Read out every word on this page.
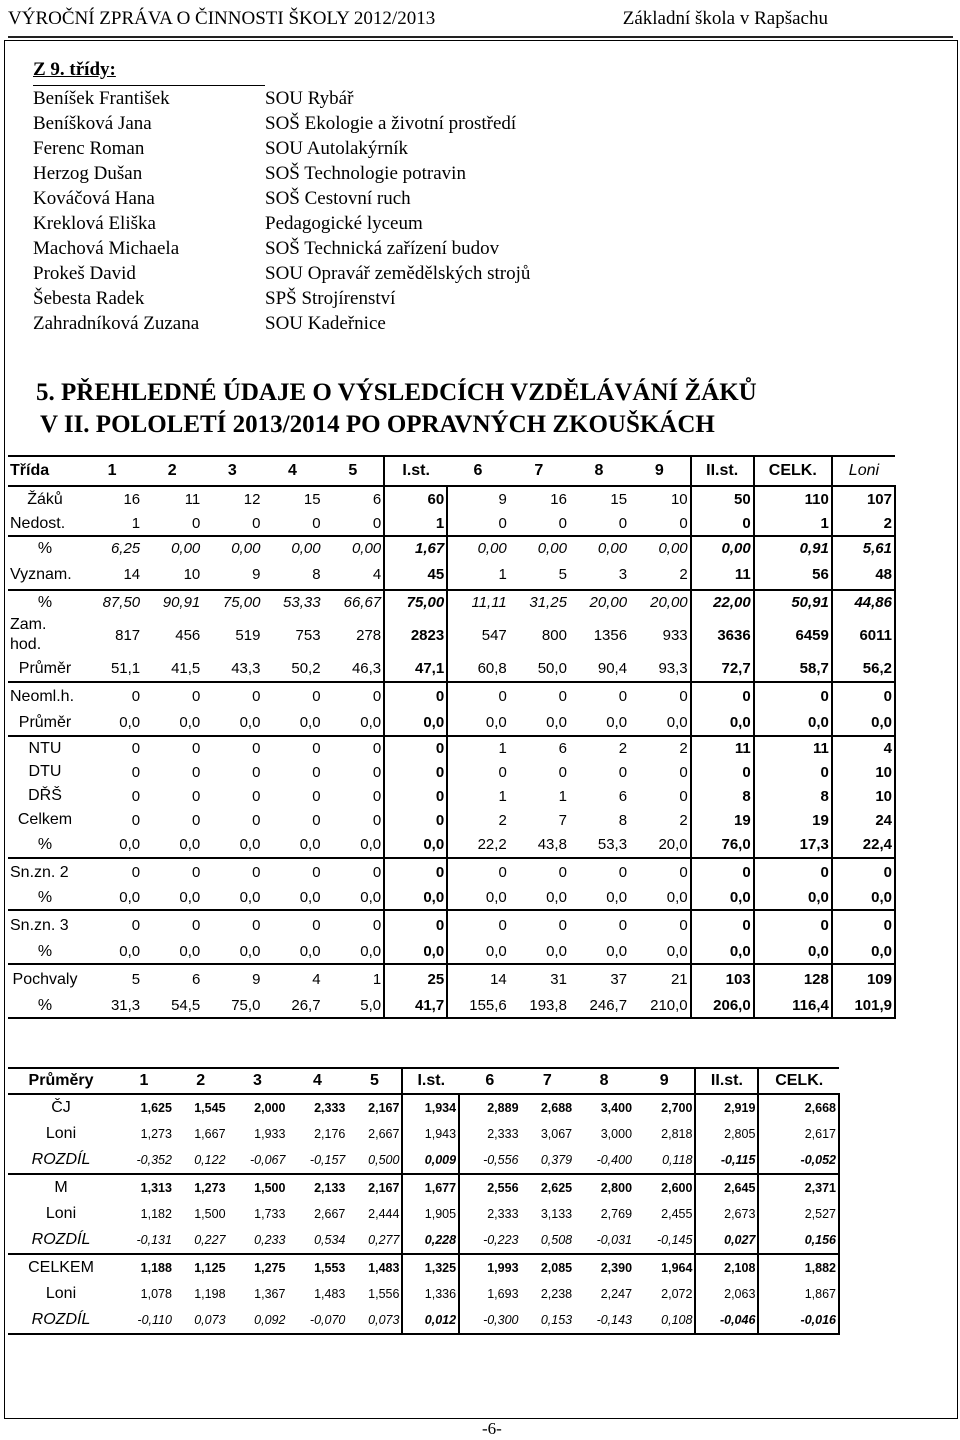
VÝROČNÍ ZPRÁVA O ČINNOSTI ŠKOLY 2012/2013	Základní škola v Rapšachu
Z 9. třídy:
Beníšek František	SOU Rybář
Beníšková Jana	SOŠ Ekologie a životní prostředí
Ferenc Roman	SOU Autolakýrník
Herzog Dušan	SOŠ Technologie potravin
Kováčová Hana	SOŠ Cestovní ruch
Kreklová Eliška	Pedagogické lyceum
Machová Michaela	SOŠ Technická zařízení budov
Prokeš David	SOU Opravář zemědělských strojů
Šebesta Radek	SPŠ Strojírenství
Zahradníková Zuzana	SOU Kadeřnice
5. PŘEHLEDNÉ ÚDAJE O VÝSLEDCÍCH VZDĚLÁVÁNÍ ŽÁKŮ
V II. POLOLETÍ 2013/2014 PO OPRAVNÝCH ZKOUŠKÁCH
Třída	1	2	3	4	5	I.st.	6	7	8	9	II.st.	CELK.	Loni
Žáků	16	11	12	15	6	60	9	16	15	10	50	110	107
Nedost.	1	0	0	0	0	1	0	0	0	0	0	1	2
%	6,25	0,00	0,00	0,00	0,00	1,67	0,00	0,00	0,00	0,00	0,00	0,91	5,61
Vyznam.	14	10	9	8	4	45	1	5	3	2	11	56	48
%	87,50	90,91	75,00	53,33	66,67	75,00	11,11	31,25	20,00	20,00	22,00	50,91	44,86
Zam. hod.	817	456	519	753	278	2823	547	800	1356	933	3636	6459	6011
Průměr	51,1	41,5	43,3	50,2	46,3	47,1	60,8	50,0	90,4	93,3	72,7	58,7	56,2
Neoml.h.	0	0	0	0	0	0	0	0	0	0	0	0	0
Průměr	0,0	0,0	0,0	0,0	0,0	0,0	0,0	0,0	0,0	0,0	0,0	0,0	0,0
NTU	0	0	0	0	0	0	1	6	2	2	11	11	4
DTU	0	0	0	0	0	0	0	0	0	0	0	0	10
DŘŠ	0	0	0	0	0	0	1	1	6	0	8	8	10
Celkem	0	0	0	0	0	0	2	7	8	2	19	19	24
%	0,0	0,0	0,0	0,0	0,0	0,0	22,2	43,8	53,3	20,0	76,0	17,3	22,4
Sn.zn. 2	0	0	0	0	0	0	0	0	0	0	0	0	0
%	0,0	0,0	0,0	0,0	0,0	0,0	0,0	0,0	0,0	0,0	0,0	0,0	0,0
Sn.zn. 3	0	0	0	0	0	0	0	0	0	0	0	0	0
%	0,0	0,0	0,0	0,0	0,0	0,0	0,0	0,0	0,0	0,0	0,0	0,0	0,0
Pochvaly	5	6	9	4	1	25	14	31	37	21	103	128	109
%	31,3	54,5	75,0	26,7	5,0	41,7	155,6	193,8	246,7	210,0	206,0	116,4	101,9
Průměry	1	2	3	4	5	I.st.	6	7	8	9	II.st.	CELK.
ČJ	1,625	1,545	2,000	2,333	2,167	1,934	2,889	2,688	3,400	2,700	2,919	2,668
Loni	1,273	1,667	1,933	2,176	2,667	1,943	2,333	3,067	3,000	2,818	2,805	2,617
ROZDÍL	-0,352	0,122	-0,067	-0,157	0,500	0,009	-0,556	0,379	-0,400	0,118	-0,115	-0,052
M	1,313	1,273	1,500	2,133	2,167	1,677	2,556	2,625	2,800	2,600	2,645	2,371
Loni	1,182	1,500	1,733	2,667	2,444	1,905	2,333	3,133	2,769	2,455	2,673	2,527
ROZDÍL	-0,131	0,227	0,233	0,534	0,277	0,228	-0,223	0,508	-0,031	-0,145	0,027	0,156
CELKEM	1,188	1,125	1,275	1,553	1,483	1,325	1,993	2,085	2,390	1,964	2,108	1,882
Loni	1,078	1,198	1,367	1,483	1,556	1,336	1,693	2,238	2,247	2,072	2,063	1,867
ROZDÍL	-0,110	0,073	0,092	-0,070	0,073	0,012	-0,300	0,153	-0,143	0,108	-0,046	-0,016
-6-
